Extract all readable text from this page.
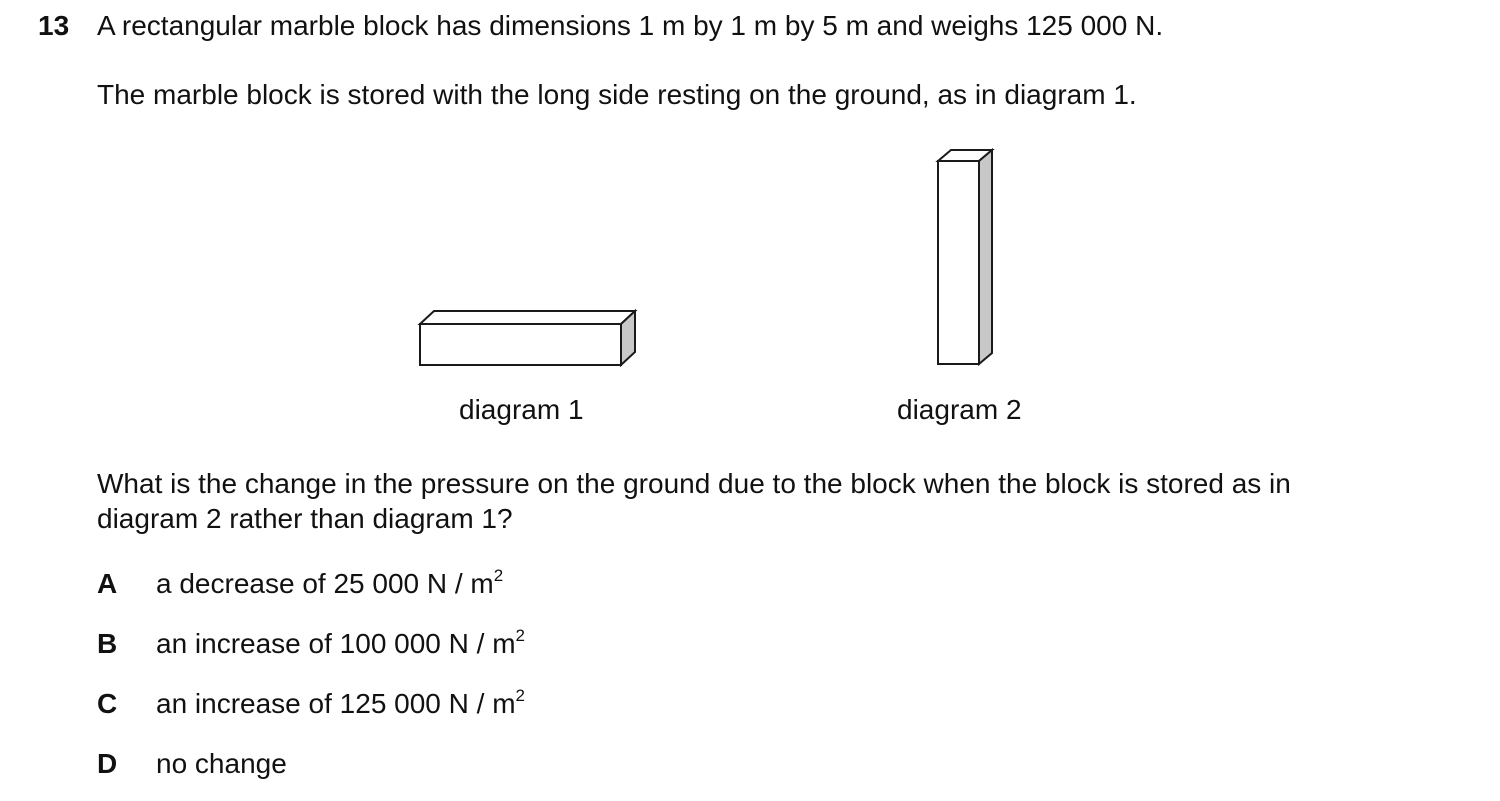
13 A rectangular marble block has dimensions 1 m by 1 m by 5 m and weighs 125 000 N.
The marble block is stored with the long side resting on the ground, as in diagram 1.
diagram 1	diagram 2
What is the change in the pressure on the ground due to the block when the block is stored as in
diagram 2 rather than diagram 1?
A a decrease of 25 000 N / $m^2$
B an increase of 100 000 N / $m^2$
C an increase of 125 000 N / $m^2$
D no change
